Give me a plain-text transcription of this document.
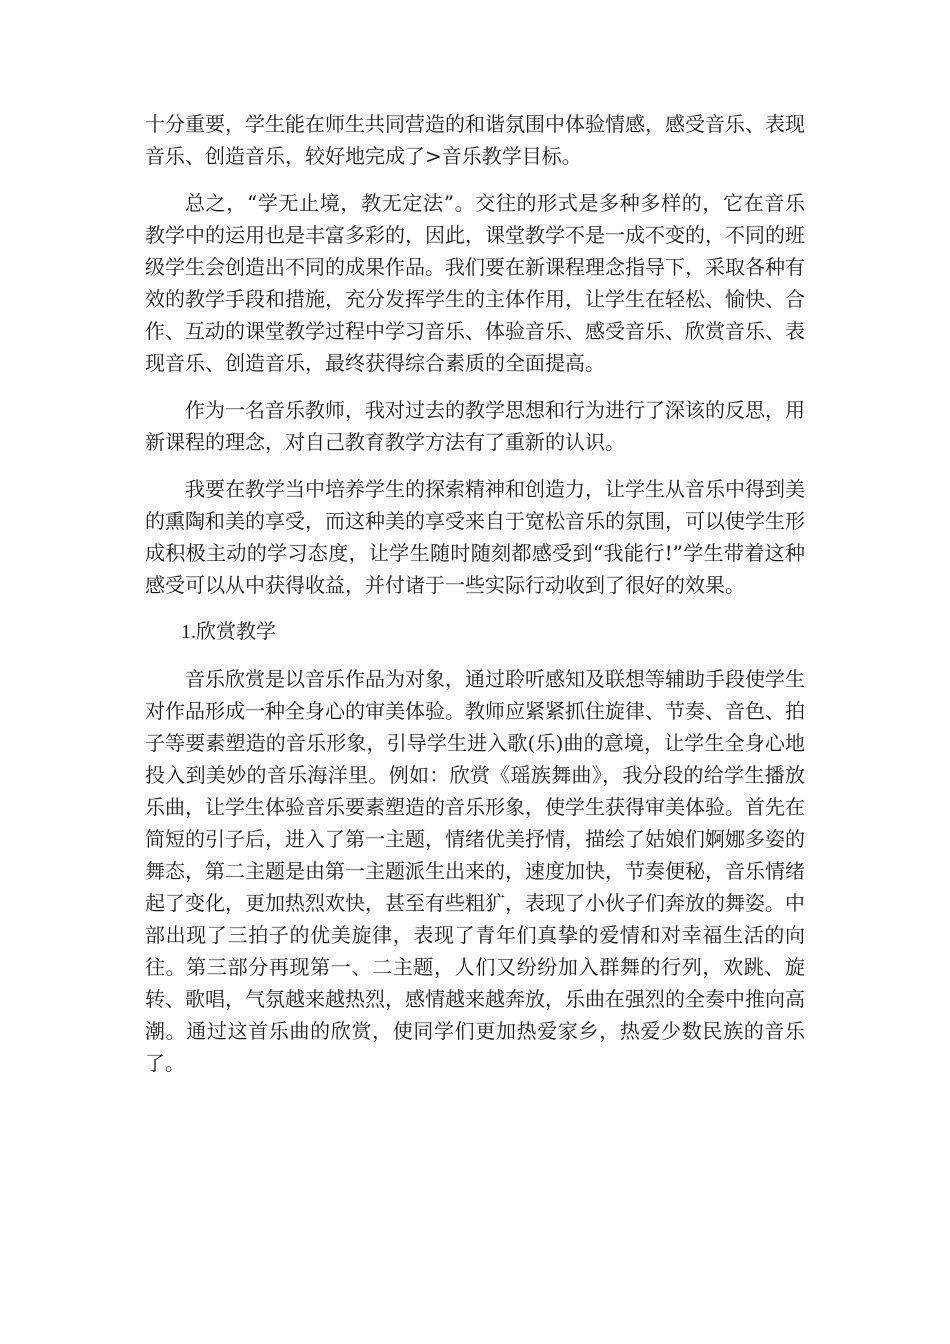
十分重要，学生能在师生共同营造的和谐氛围中体验情感，感受音乐、表现音乐、创造音乐，较好地完成了>音乐教学目标。

总之，“学无止境，教无定法”。交往的形式是多种多样的，它在音乐教学中的运用也是丰富多彩的，因此，课堂教学不是一成不变的，不同的班级学生会创造出不同的成果作品。我们要在新课程理念指导下，采取各种有效的教学手段和措施，充分发挥学生的主体作用，让学生在轻松、愉快、合作、互动的课堂教学过程中学习音乐、体验音乐、感受音乐、欣赏音乐、表现音乐、创造音乐，最终获得综合素质的全面提高。

作为一名音乐教师，我对过去的教学思想和行为进行了深该的反思，用新课程的理念，对自己教育教学方法有了重新的认识。

我要在教学当中培养学生的探索精神和创造力，让学生从音乐中得到美的熏陶和美的享受，而这种美的享受来自于宽松音乐的氛围，可以使学生形成积极主动的学习态度，让学生随时随刻都感受到“我能行!”学生带着这种感受可以从中获得收益，并付诸于一些实际行动收到了很好的效果。

1.欣赏教学

音乐欣赏是以音乐作品为对象，通过聆听感知及联想等辅助手段使学生对作品形成一种全身心的审美体验。教师应紧紧抓住旋律、节奏、音色、拍子等要素塑造的音乐形象，引导学生进入歌(乐)曲的意境，让学生全身心地投入到美妙的音乐海洋里。例如：欣赏《瑶族舞曲》，我分段的给学生播放乐曲，让学生体验音乐要素塑造的音乐形象，使学生获得审美体验。首先在简短的引子后，进入了第一主题，情绪优美抒情，描绘了姑娘们婀娜多姿的舞态，第二主题是由第一主题派生出来的，速度加快，节奏便秘，音乐情绪起了变化，更加热烈欢快，甚至有些粗犷，表现了小伙子们奔放的舞姿。中部出现了三拍子的优美旋律，表现了青年们真挚的爱情和对幸福生活的向往。第三部分再现第一、二主题，人们又纷纷加入群舞的行列，欢跳、旋转、歌唱，气氛越来越热烈，感情越来越奔放，乐曲在强烈的全奏中推向高潮。通过这首乐曲的欣赏，使同学们更加热爱家乡，热爱少数民族的音乐了。
